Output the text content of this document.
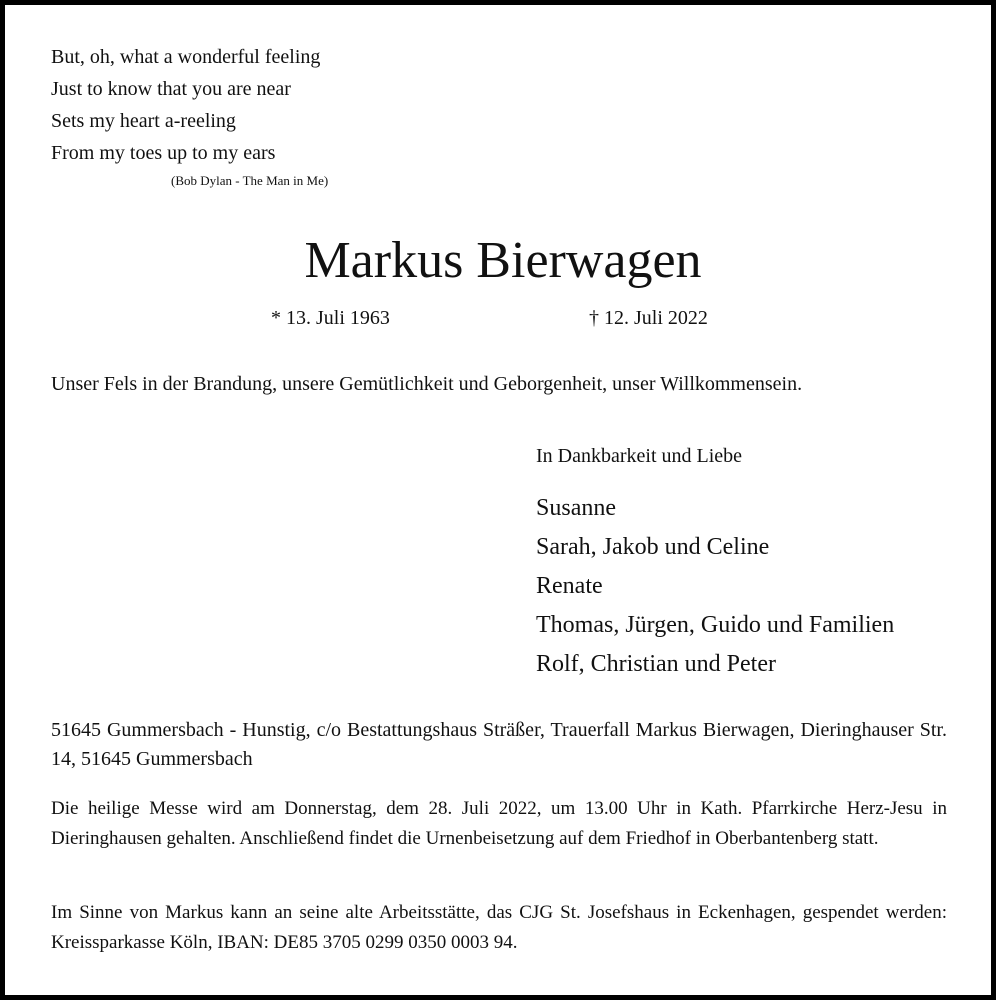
But, oh, what a wonderful feeling
Just to know that you are near
Sets my heart a-reeling
From my toes up to my ears
(Bob Dylan - The Man in Me)
Markus Bierwagen
* 13. Juli 1963	† 12. Juli 2022
Unser Fels in der Brandung, unsere Gemütlichkeit und Geborgenheit, unser Willkommensein.
In Dankbarkeit und Liebe
Susanne
Sarah, Jakob und Celine
Renate
Thomas, Jürgen, Guido und Familien
Rolf, Christian und Peter
51645 Gummersbach - Hunstig, c/o Bestattungshaus Sträßer, Trauerfall Markus Bierwagen, Dieringhauser Str. 14, 51645 Gummersbach
Die heilige Messe wird am Donnerstag, dem 28. Juli 2022, um 13.00 Uhr in Kath. Pfarrkirche Herz-Jesu in Dieringhausen gehalten. Anschließend findet die Urnenbeisetzung auf dem Friedhof in Oberbantenberg statt.
Im Sinne von Markus kann an seine alte Arbeitsstätte, das CJG St. Josefshaus in Eckenhagen, gespendet werden: Kreissparkasse Köln, IBAN: DE85 3705 0299 0350 0003 94.
